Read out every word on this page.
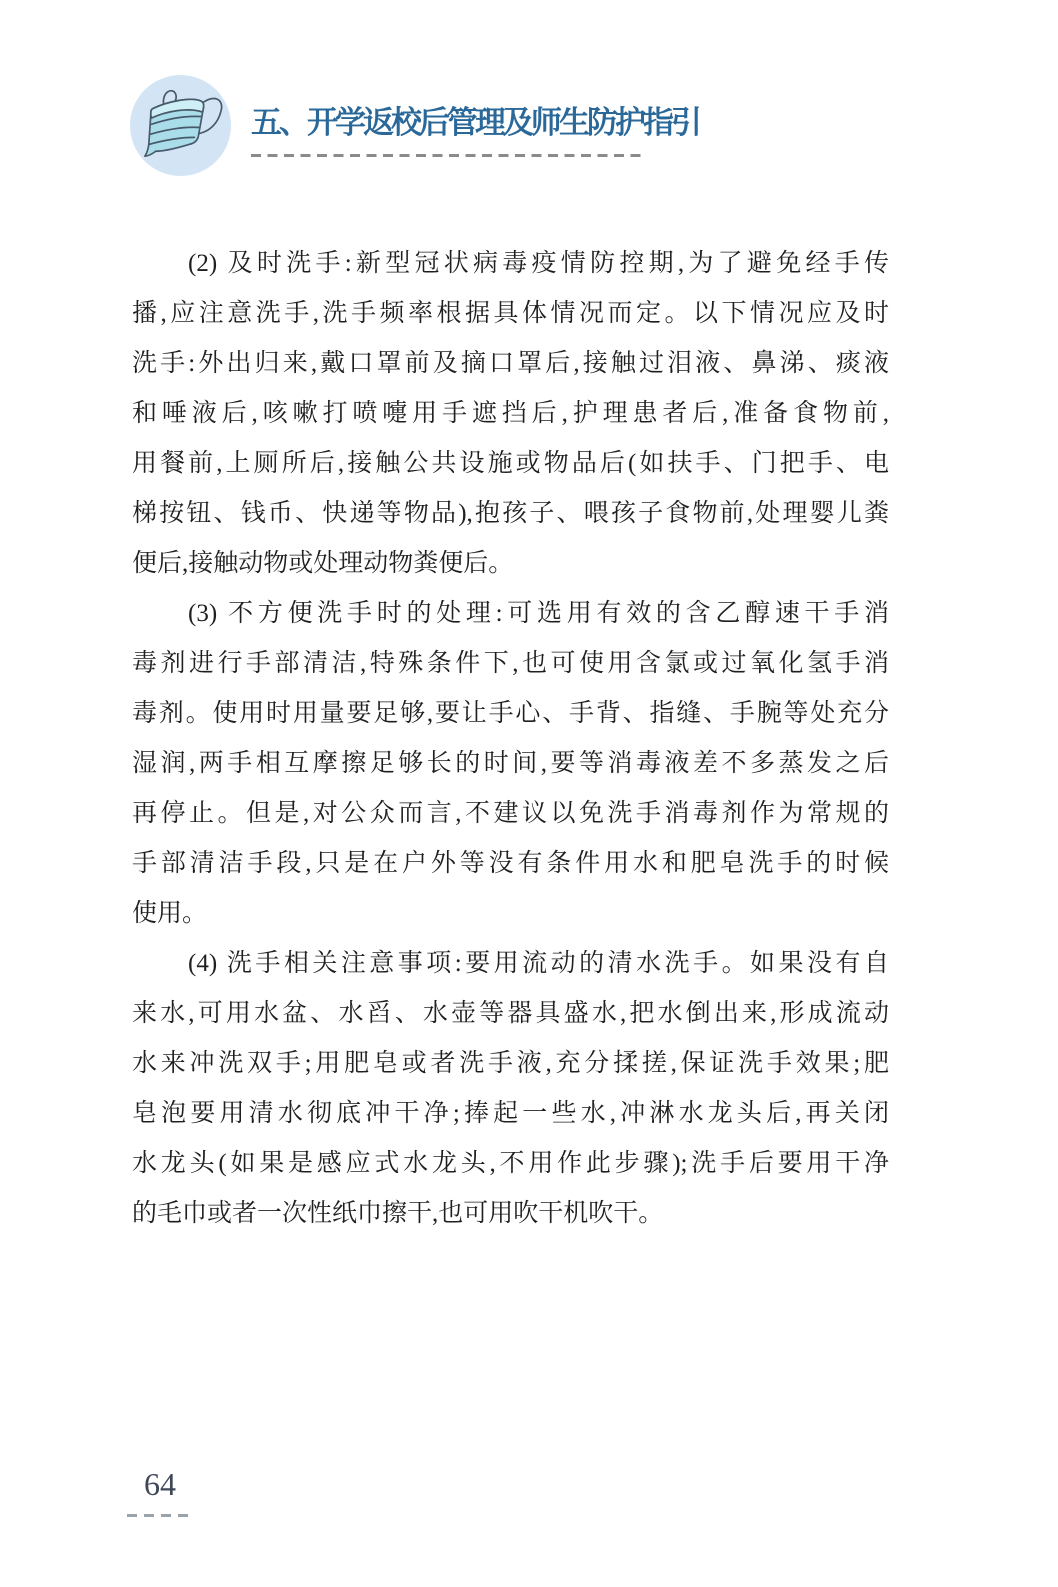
五、开学返校后管理及师生防护指引
(2) 及时洗手:新型冠状病毒疫情防控期,为了避免经手传
播,应注意洗手,洗手频率根据具体情况而定。以下情况应及时
洗手:外出归来,戴口罩前及摘口罩后,接触过泪液、鼻涕、痰液
和唾液后,咳嗽打喷嚏用手遮挡后,护理患者后,准备食物前,
用餐前,上厕所后,接触公共设施或物品后(如扶手、门把手、电
梯按钮、钱币、快递等物品),抱孩子、喂孩子食物前,处理婴儿粪
便后,接触动物或处理动物粪便后。
(3) 不方便洗手时的处理:可选用有效的含乙醇速干手消
毒剂进行手部清洁,特殊条件下,也可使用含氯或过氧化氢手消
毒剂。使用时用量要足够,要让手心、手背、指缝、手腕等处充分
湿润,两手相互摩擦足够长的时间,要等消毒液差不多蒸发之后
再停止。但是,对公众而言,不建议以免洗手消毒剂作为常规的
手部清洁手段,只是在户外等没有条件用水和肥皂洗手的时候
使用。
(4) 洗手相关注意事项:要用流动的清水洗手。如果没有自
来水,可用水盆、水舀、水壶等器具盛水,把水倒出来,形成流动
水来冲洗双手;用肥皂或者洗手液,充分揉搓,保证洗手效果;肥
皂泡要用清水彻底冲干净;捧起一些水,冲淋水龙头后,再关闭
水龙头(如果是感应式水龙头,不用作此步骤);洗手后要用干净
的毛巾或者一次性纸巾擦干,也可用吹干机吹干。
64
